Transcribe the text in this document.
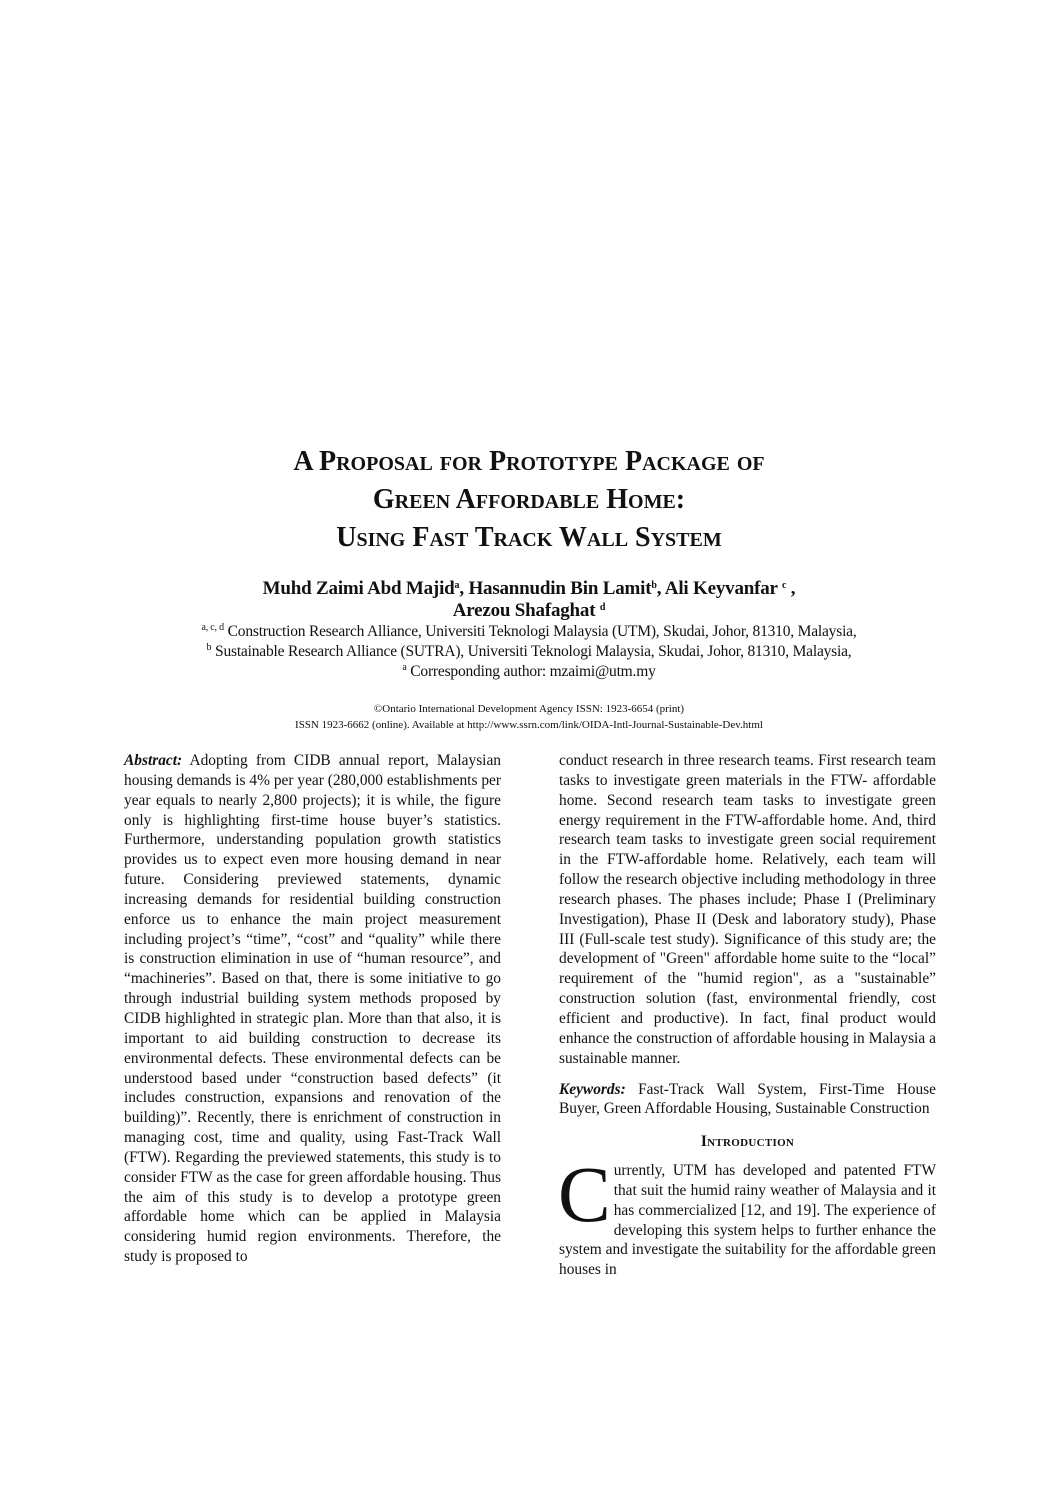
A Proposal for Prototype Package of
Green Affordable Home:
Using Fast Track Wall System
Muhd Zaimi Abd Majid$^a$, Hasannudin Bin Lamit$^b$, Ali Keyvanfar $^c$ ,
Arezou Shafaghat $^d$
$^{a, c, d}$ Construction Research Alliance, Universiti Teknologi Malaysia (UTM), Skudai, Johor, 81310, Malaysia,
$^b$ Sustainable Research Alliance (SUTRA), Universiti Teknologi Malaysia, Skudai, Johor, 81310, Malaysia,
$^a$ Corresponding author: mzaimi@utm.my
©Ontario International Development Agency ISSN: 1923-6654 (print)
ISSN 1923-6662 (online). Available at http://www.ssrn.com/link/OIDA-Intl-Journal-Sustainable-Dev.html

Abstract: Adopting from CIDB annual report, Malaysian housing demands is 4% per year (280,000 establishments per year equals to nearly 2,800 projects); it is while, the figure only is highlighting first-time house buyer’s statistics. Furthermore, understanding population growth statistics provides us to expect even more housing demand in near future. Considering previewed statements, dynamic increasing demands for residential building construction enforce us to enhance the main project measurement including project’s “time”, “cost” and “quality” while there is construction elimination in use of “human resource”, and “machineries”. Based on that, there is some initiative to go through industrial building system methods proposed by CIDB highlighted in strategic plan. More than that also, it is important to aid building construction to decrease its environmental defects. These environmental defects can be understood based under “construction based defects” (it includes construction, expansions and renovation of the building)”. Recently, there is enrichment of construction in managing cost, time and quality, using Fast-Track Wall (FTW). Regarding the previewed statements, this study is to consider FTW as the case for green affordable housing. Thus the aim of this study is to develop a prototype green affordable home which can be applied in Malaysia considering humid region environments. Therefore, the study is proposed to

conduct research in three research teams. First research team tasks to investigate green materials in the FTW- affordable home. Second research team tasks to investigate green energy requirement in the FTW-affordable home. And, third research team tasks to investigate green social requirement in the FTW-affordable home. Relatively, each team will follow the research objective including methodology in three research phases. The phases include; Phase I (Preliminary Investigation), Phase II (Desk and laboratory study), Phase III (Full-scale test study). Significance of this study are; the development of "Green" affordable home suite to the “local” requirement of the "humid region", as a "sustainable” construction solution (fast, environmental friendly, cost efficient and productive). In fact, final product would enhance the construction of affordable housing in Malaysia a sustainable manner.

Keywords: Fast-Track Wall System, First-Time House Buyer, Green Affordable Housing, Sustainable Construction

Introduction

Currently, UTM has developed and patented FTW that suit the humid rainy weather of Malaysia and it has commercialized [12, and 19]. The experience of developing this system helps to further enhance the system and investigate the suitability for the affordable green houses in
